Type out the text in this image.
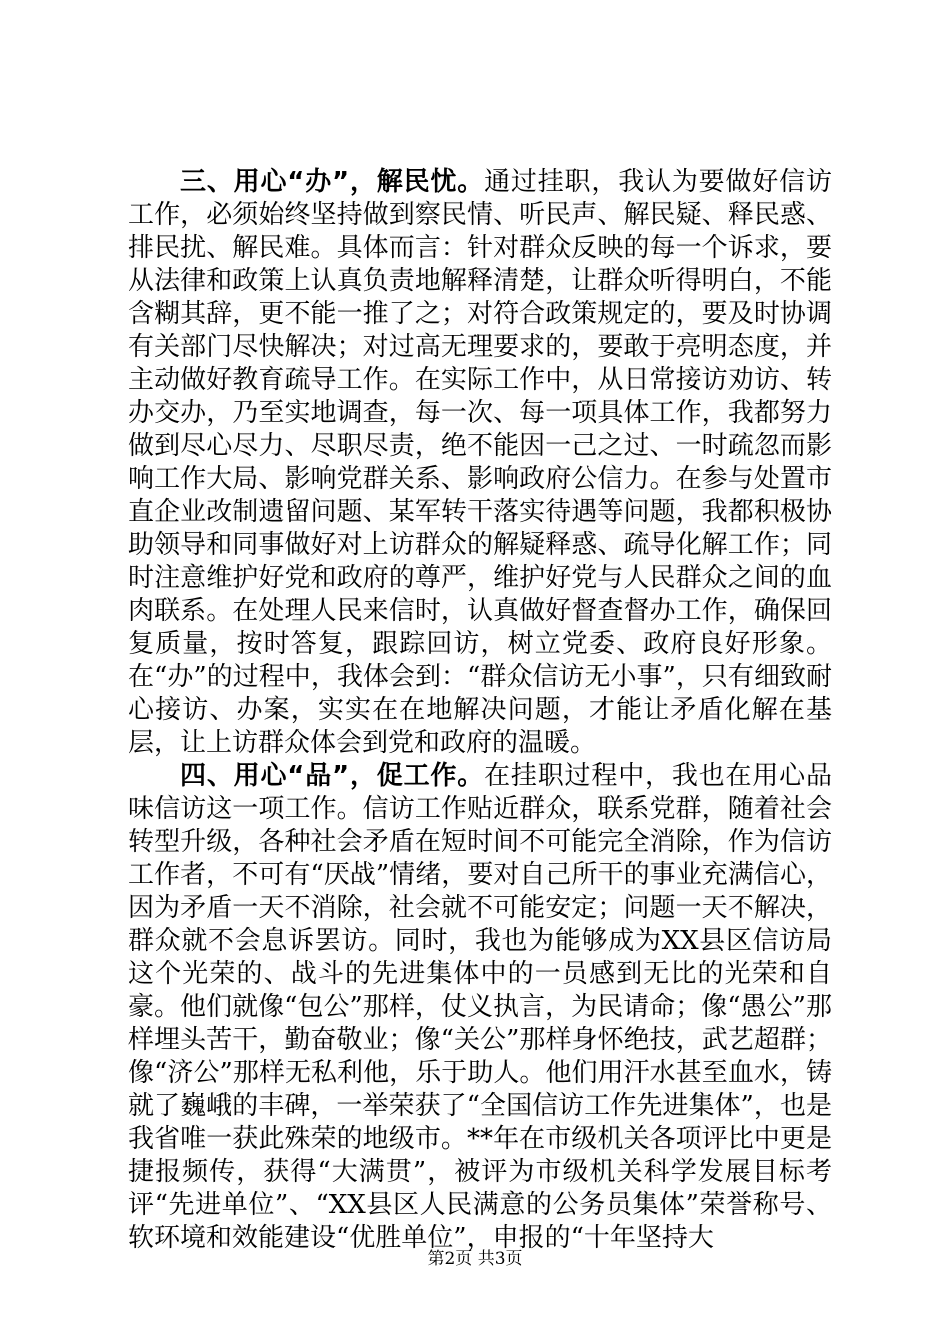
三、用心“办”，解民忧。通过挂职，我认为要做好信访工作，必须始终坚持做到察民情、听民声、解民疑、释民惑、排民扰、解民难。具体而言：针对群众反映的每一个诉求，要从法律和政策上认真负责地解释清楚，让群众听得明白，不能含糊其辞，更不能一推了之；对符合政策规定的，要及时协调有关部门尽快解决；对过高无理要求的，要敢于亮明态度，并主动做好教育疏导工作。在实际工作中，从日常接访劝访、转办交办，乃至实地调查，每一次、每一项具体工作，我都努力做到尽心尽力、尽职尽责，绝不能因一己之过、一时疏忽而影响工作大局、影响党群关系、影响政府公信力。在参与处置市直企业改制遗留问题、某军转干落实待遇等问题，我都积极协助领导和同事做好对上访群众的解疑释惑、疏导化解工作；同时注意维护好党和政府的尊严，维护好党与人民群众之间的血肉联系。在处理人民来信时，认真做好督查督办工作，确保回复质量，按时答复，跟踪回访，树立党委、政府良好形象。在“办”的过程中，我体会到：“群众信访无小事”，只有细致耐心接访、办案，实实在在地解决问题，才能让矛盾化解在基层，让上访群众体会到党和政府的温暖。

四、用心“品”，促工作。在挂职过程中，我也在用心品味信访这一项工作。信访工作贴近群众，联系党群，随着社会转型升级，各种社会矛盾在短时间不可能完全消除，作为信访工作者，不可有“厌战”情绪，要对自己所干的事业充满信心，因为矛盾一天不消除，社会就不可能安定；问题一天不解决，群众就不会息诉罢访。同时，我也为能够成为XX县区信访局这个光荣的、战斗的先进集体中的一员感到无比的光荣和自豪。他们就像“包公”那样，仗义执言，为民请命；像“愚公”那样埋头苦干，勤奋敬业；像“关公”那样身怀绝技，武艺超群；像“济公”那样无私利他，乐于助人。他们用汗水甚至血水，铸就了巍峨的丰碑，一举荣获了“全国信访工作先进集体”，也是我省唯一获此殊荣的地级市。**年在市级机关各项评比中更是捷报频传，获得“大满贯”，被评为市级机关科学发展目标考评“先进单位”、“XX县区人民满意的公务员集体”荣誉称号、软环境和效能建设“优胜单位”，申报的“十年坚持大

第2页 共3页
